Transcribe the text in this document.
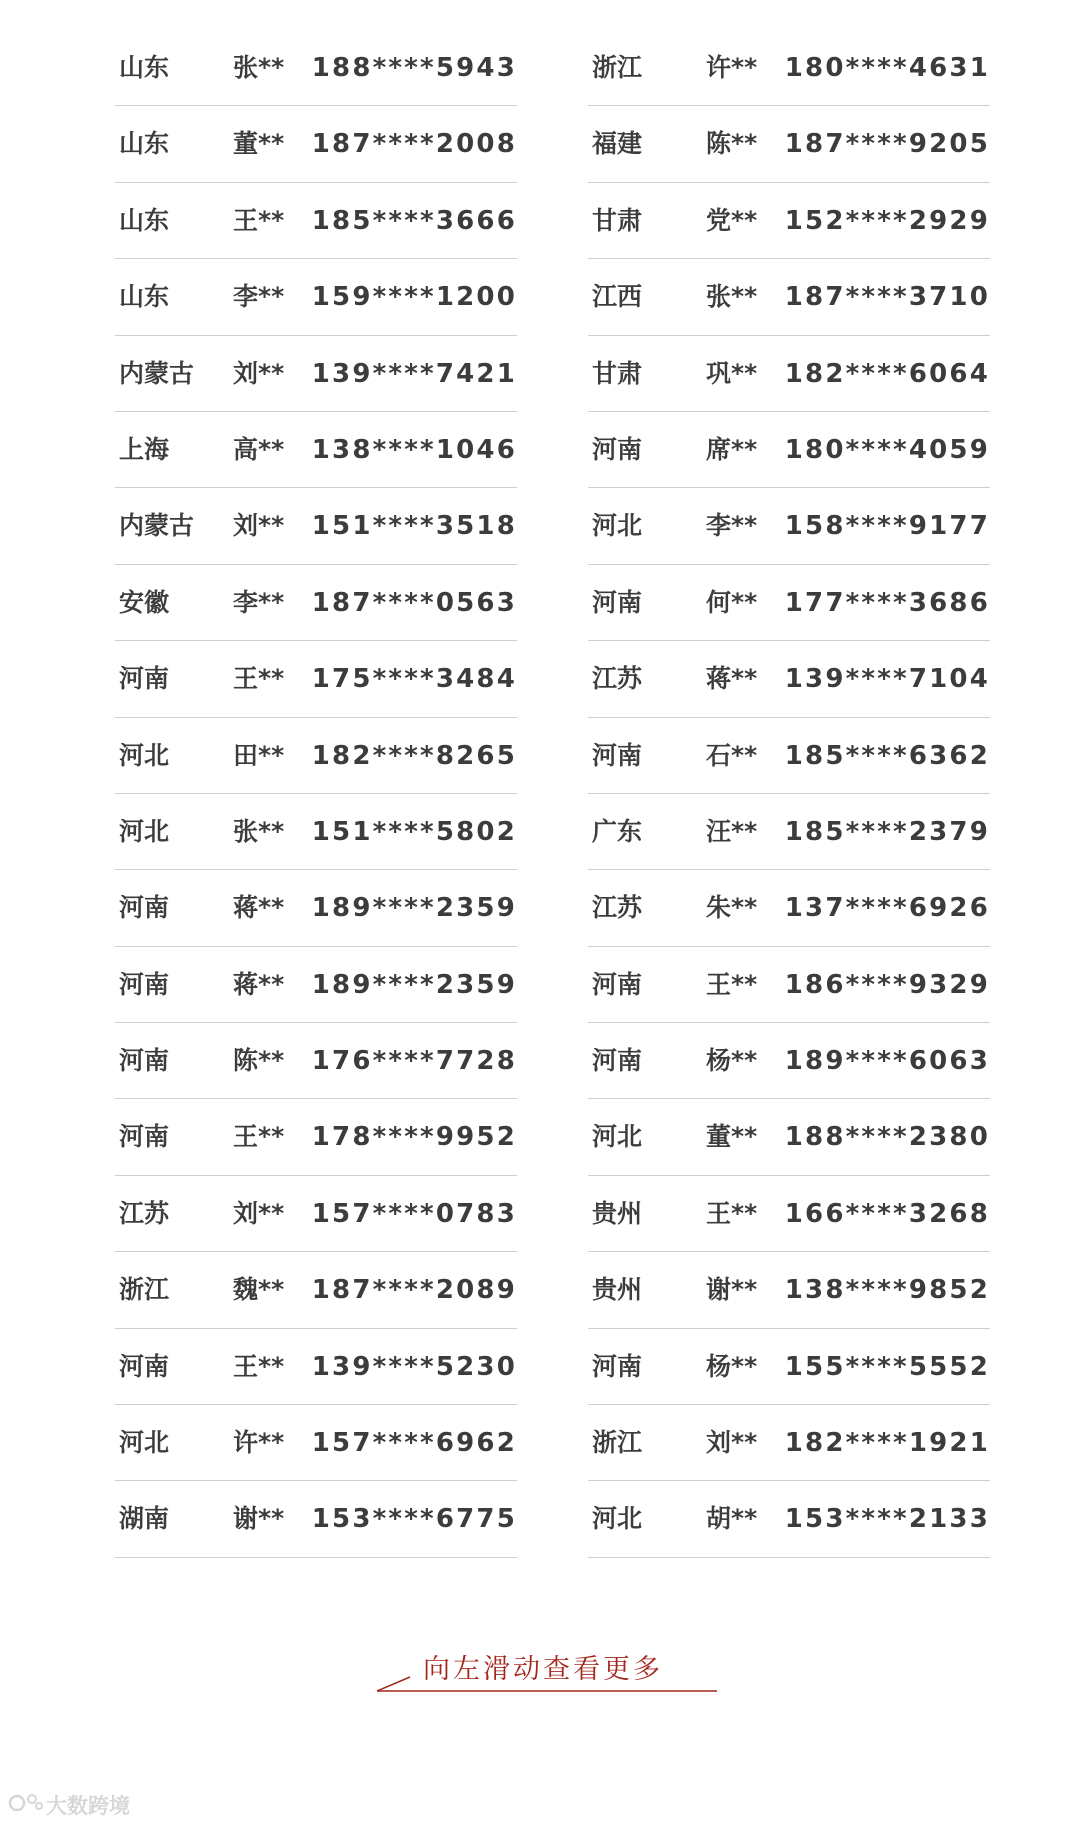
山东	张** 188****5943
山东	董** 187****2008
山东	王** 185****3666
山东	李** 159****1200
内蒙古 刘** 139****7421
上海	高** 138****1046
内蒙古 刘** 151****3518
安徽	李** 187****0563
河南	王** 175****3484
河北	田** 182****8265
河北	张** 151****5802
河南	蒋** 189****2359
河南	蒋** 189****2359
河南	陈** 176****7728
河南	王** 178****9952
江苏	刘** 157****0783
浙江	魏** 187****2089
河南	王** 139****5230
河北	许** 157****6962
湖南	谢** 153****6775
浙江	许** 180****4631
福建	陈** 187****9205
甘肃	党** 152****2929
江西	张** 187****3710
甘肃	巩** 182****6064
河南	席** 180****4059
河北	李** 158****9177
河南	何** 177****3686
江苏	蒋** 139****7104
河南	石** 185****6362
广东	汪** 185****2379
江苏	朱** 137****6926
河南	王** 186****9329
河南	杨** 189****6063
河北	董** 188****2380
贵州	王** 166****3268
贵州	谢** 138****9852
河南	杨** 155****5552
浙江	刘** 182****1921
河北	胡** 153****2133
向左滑动查看更多
大数跨境
